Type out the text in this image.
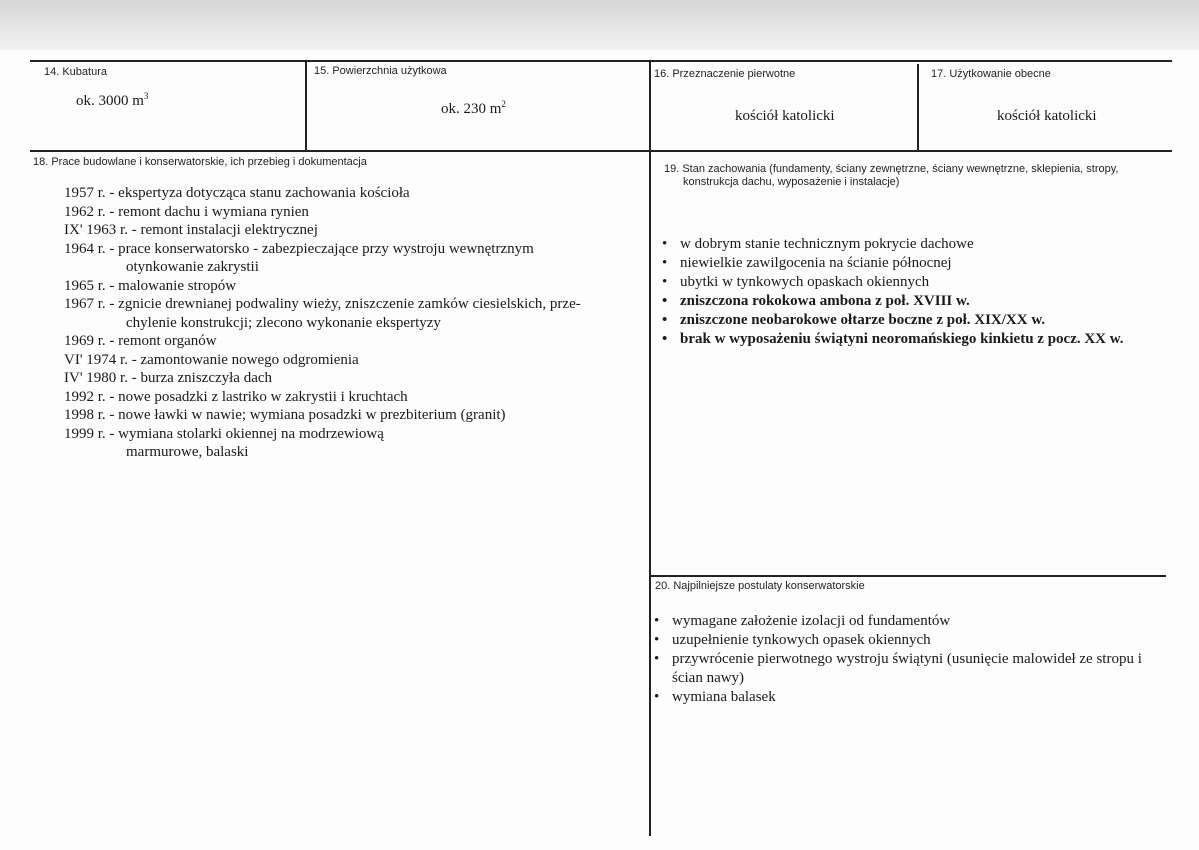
14. Kubatura
ok. 3000 $m^3$
15. Powierzchnia użytkowa
ok. 230 $m^2$
16. Przeznaczenie pierwotne
kościół katolicki
17. Użytkowanie obecne
kościół katolicki
18. Prace budowlane i konserwatorskie, ich przebieg i dokumentacja
1957 r. - ekspertyza dotycząca stanu zachowania kościoła
1962 r. - remont dachu i wymiana rynien
IX' 1963 r. - remont instalacji elektrycznej
1964 r. - prace konserwatorsko - zabezpieczające przy wystroju wewnętrznym
otynkowanie zakrystii
1965 r. - malowanie stropów
1967 r. - zgnicie drewnianej podwaliny wieży, zniszczenie zamków ciesielskich, prze-
chylenie konstrukcji; zlecono wykonanie ekspertyzy
1969 r. - remont organów
VI' 1974 r. - zamontowanie nowego odgromienia
IV' 1980 r. - burza zniszczyła dach
1992 r. - nowe posadzki z lastriko w zakrystii i kruchtach
1998 r. - nowe ławki w nawie; wymiana posadzki w prezbiterium (granit)
1999 r. - wymiana stolarki okiennej na modrzewiową
marmurowe, balaski
19. Stan zachowania (fundamenty, ściany zewnętrzne, ściany wewnętrzne, sklepienia, stropy,
konstrukcja dachu, wyposażenie i instalacje)
• w dobrym stanie technicznym pokrycie dachowe
• niewielkie zawilgocenia na ścianie północnej
• ubytki w tynkowych opaskach okiennych
• zniszczona rokokowa ambona z poł. XVIII w.
• zniszczone neobarokowe ołtarze boczne z poł. XIX/XX w.
• brak w wyposażeniu świątyni neoromańskiego kinkietu z pocz. XX w.
20. Najpilniejsze postulaty konserwatorskie
• wymagane założenie izolacji od fundamentów
• uzupełnienie tynkowych opasek okiennych
• przywrócenie pierwotnego wystroju świątyni (usunięcie malowideł ze stropu i ścian nawy)
• wymiana balasek
